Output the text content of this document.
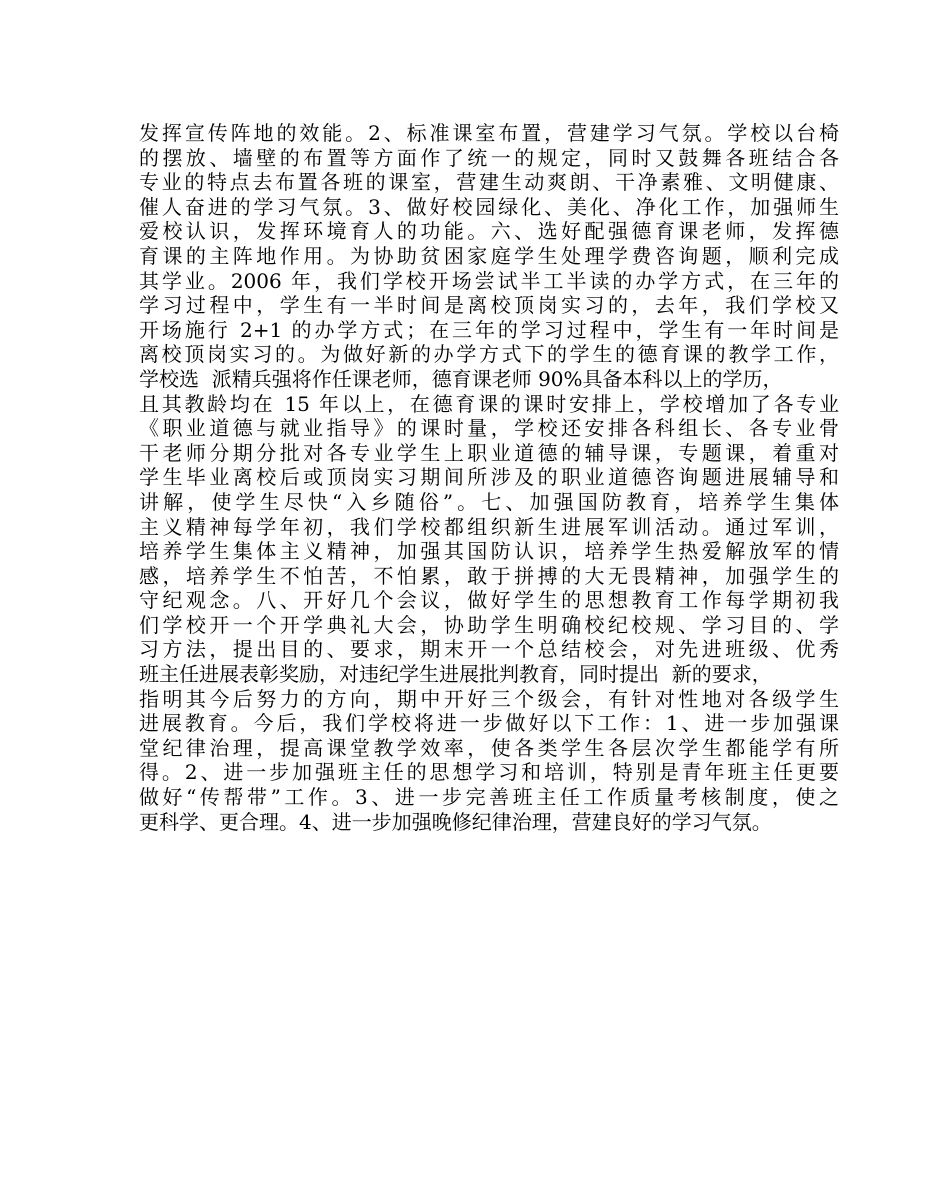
发挥宣传阵地的效能。2、标准课室布置，营建学习气氛。学校以台椅
的摆放、墙壁的布置等方面作了统一的规定，同时又鼓舞各班结合各
专业的特点去布置各班的课室，营建生动爽朗、干净素雅、文明健康、
催人奋进的学习气氛。3、做好校园绿化、美化、净化工作，加强师生
爱校认识，发挥环境育人的功能。六、选好配强德育课老师，发挥德
育课的主阵地作用。为协助贫困家庭学生处理学费咨询题，顺利完成
其学业。2006 年，我们学校开场尝试半工半读的办学方式，在三年的
学习过程中，学生有一半时间是离校顶岗实习的，去年，我们学校又
开场施行 2+1 的办学方式；在三年的学习过程中，学生有一年时间是
离校顶岗实习的。为做好新的办学方式下的学生的德育课的教学工作，
学校选  派精兵强将作任课老师，德育课老师 90%具备本科以上的学历，
且其教龄均在 15 年以上，在德育课的课时安排上，学校增加了各专业
《职业道德与就业指导》的课时量，学校还安排各科组长、各专业骨
干老师分期分批对各专业学生上职业道德的辅导课，专题课，着重对
学生毕业离校后或顶岗实习期间所涉及的职业道德咨询题进展辅导和
讲解，使学生尽快“入乡随俗”。七、加强国防教育，培养学生集体
主义精神每学年初，我们学校都组织新生进展军训活动。通过军训，
培养学生集体主义精神，加强其国防认识，培养学生热爱解放军的情
感，培养学生不怕苦，不怕累，敢于拼搏的大无畏精神，加强学生的
守纪观念。八、开好几个会议，做好学生的思想教育工作每学期初我
们学校开一个开学典礼大会，协助学生明确校纪校规、学习目的、学
习方法，提出目的、要求，期末开一个总结校会，对先进班级、优秀
班主任进展表彰奖励，对违纪学生进展批判教育，同时提出  新的要求，
指明其今后努力的方向，期中开好三个级会，有针对性地对各级学生
进展教育。今后，我们学校将进一步做好以下工作：1、进一步加强课
堂纪律治理，提高课堂教学效率，使各类学生各层次学生都能学有所
得。2、进一步加强班主任的思想学习和培训，特别是青年班主任更要
做好“传帮带”工作。3、进一步完善班主任工作质量考核制度，使之
更科学、更合理。4、进一步加强晚修纪律治理，营建良好的学习气氛。
